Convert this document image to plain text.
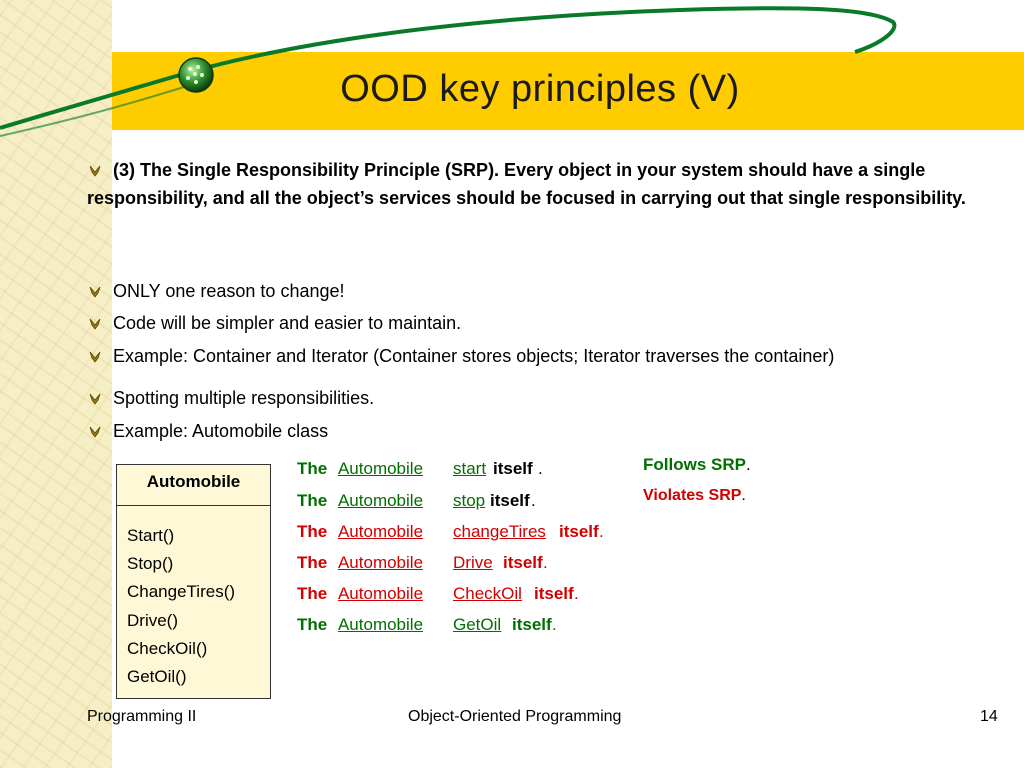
OOD key principles (V)
(3) The Single Responsibility Principle (SRP). Every object in your system should have a single responsibility, and all the object’s services should be focused in carrying out that single responsibility.
ONLY one reason to change!
Code will be simpler and easier to maintain.
Example: Container and Iterator (Container stores objects; Iterator traverses the container)
Spotting multiple responsibilities.
Example: Automobile class
Automobile
Start()
Stop()
ChangeTires()
Drive()
CheckOil()
GetOil()
The Automobile start itself .
The Automobile stop itself .
The Automobile changeTires itself .
The Automobile Drive itself .
The Automobile CheckOil itself .
The Automobile GetOil itself .
Follows SRP.
Violates SRP.
Programming II	Object-Oriented Programming	14
